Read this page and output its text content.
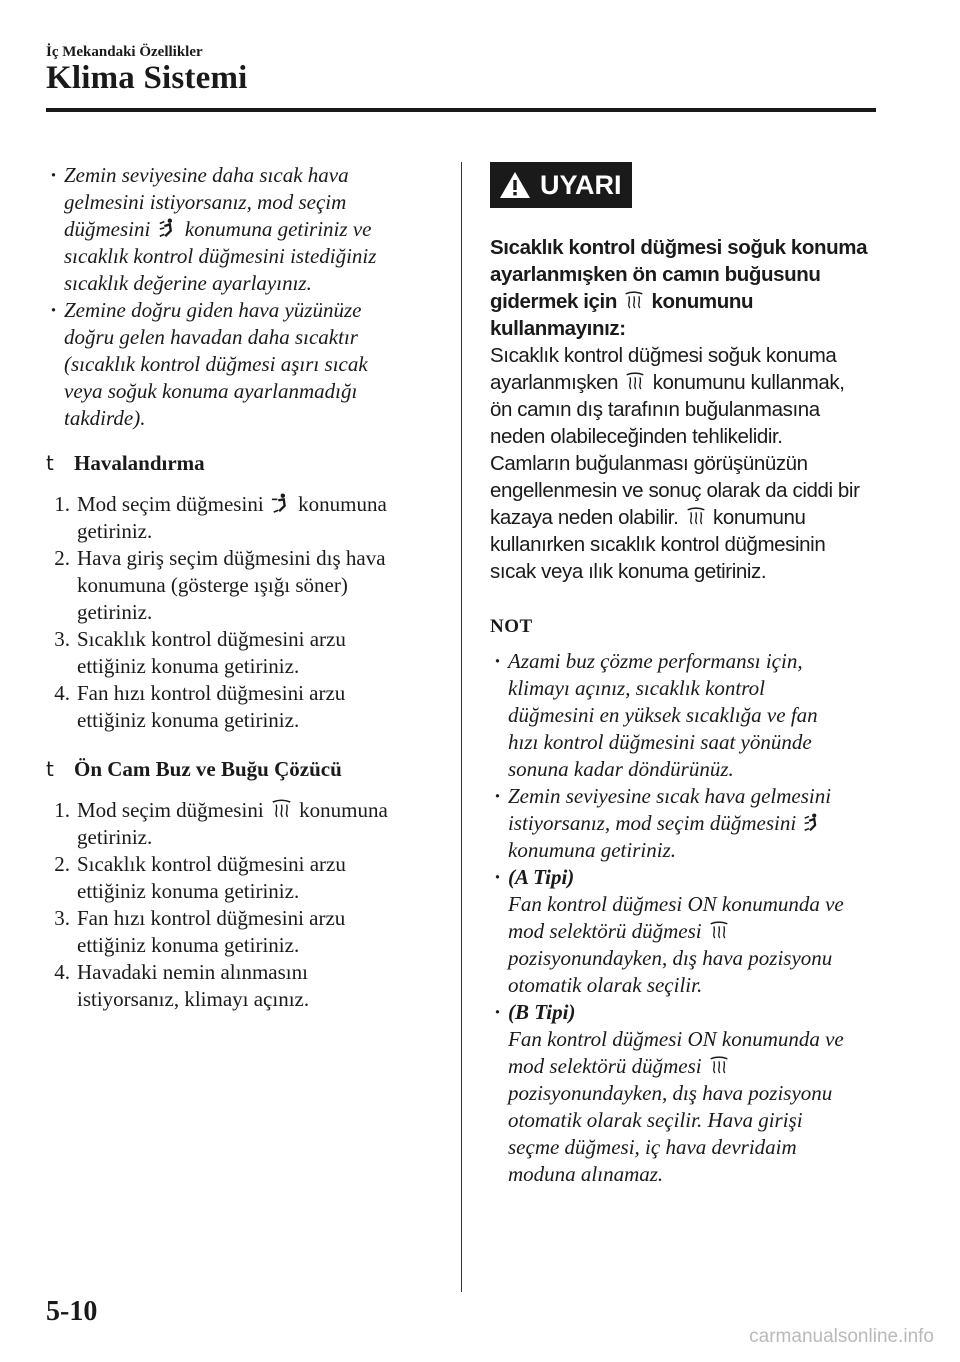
İç Mekandaki Özellikler
Klima Sistemi
· Zemin seviyesine daha sıcak hava
gelmesini istiyorsanız, mod seçim
düğmesini  konumuna getiriniz ve
sıcaklık kontrol düğmesini istediğiniz
sıcaklık değerine ayarlayınız.
· Zemine doğru giden hava yüzünüze
doğru gelen havadan daha sıcaktır
(sıcaklık kontrol düğmesi aşırı sıcak
veya soğuk konuma ayarlanmadığı
takdirde).
t Havalandırma
1. Mod seçim düğmesini  konumuna
getiriniz.
2. Hava giriş seçim düğmesini dış hava
konumuna (gösterge ışığı söner)
getiriniz.
3. Sıcaklık kontrol düğmesini arzu
ettiğiniz konuma getiriniz.
4. Fan hızı kontrol düğmesini arzu
ettiğiniz konuma getiriniz.
t Ön Cam Buz ve Buğu Çözücü
1. Mod seçim düğmesini  konumuna
getiriniz.
2. Sıcaklık kontrol düğmesini arzu
ettiğiniz konuma getiriniz.
3. Fan hızı kontrol düğmesini arzu
ettiğiniz konuma getiriniz.
4. Havadaki nemin alınmasını
istiyorsanız, klimayı açınız.
UYARI
Sıcaklık kontrol düğmesi soğuk konuma
ayarlanmışken ön camın buğusunu
gidermek için  konumunu
kullanmayınız:
Sıcaklık kontrol düğmesi soğuk konuma
ayarlanmışken  konumunu kullanmak,
ön camın dış tarafının buğulanmasına
neden olabileceğinden tehlikelidir.
Camların buğulanması görüşünüzün
engellenmesin ve sonuç olarak da ciddi bir
kazaya neden olabilir.  konumunu
kullanırken sıcaklık kontrol düğmesinin
sıcak veya ılık konuma getiriniz.
NOT
· Azami buz çözme performansı için,
klimayı açınız, sıcaklık kontrol
düğmesini en yüksek sıcaklığa ve fan
hızı kontrol düğmesini saat yönünde
sonuna kadar döndürünüz.
· Zemin seviyesine sıcak hava gelmesini
istiyorsanız, mod seçim düğmesini
konumuna getiriniz.
· (A Tipi)
Fan kontrol düğmesi ON konumunda ve
mod selektörü düğmesi
pozisyonundayken, dış hava pozisyonu
otomatik olarak seçilir.
· (B Tipi)
Fan kontrol düğmesi ON konumunda ve
mod selektörü düğmesi
pozisyonundayken, dış hava pozisyonu
otomatik olarak seçilir. Hava girişi
seçme düğmesi, iç hava devridaim
moduna alınamaz.
5-10
carmanualsonline.info
